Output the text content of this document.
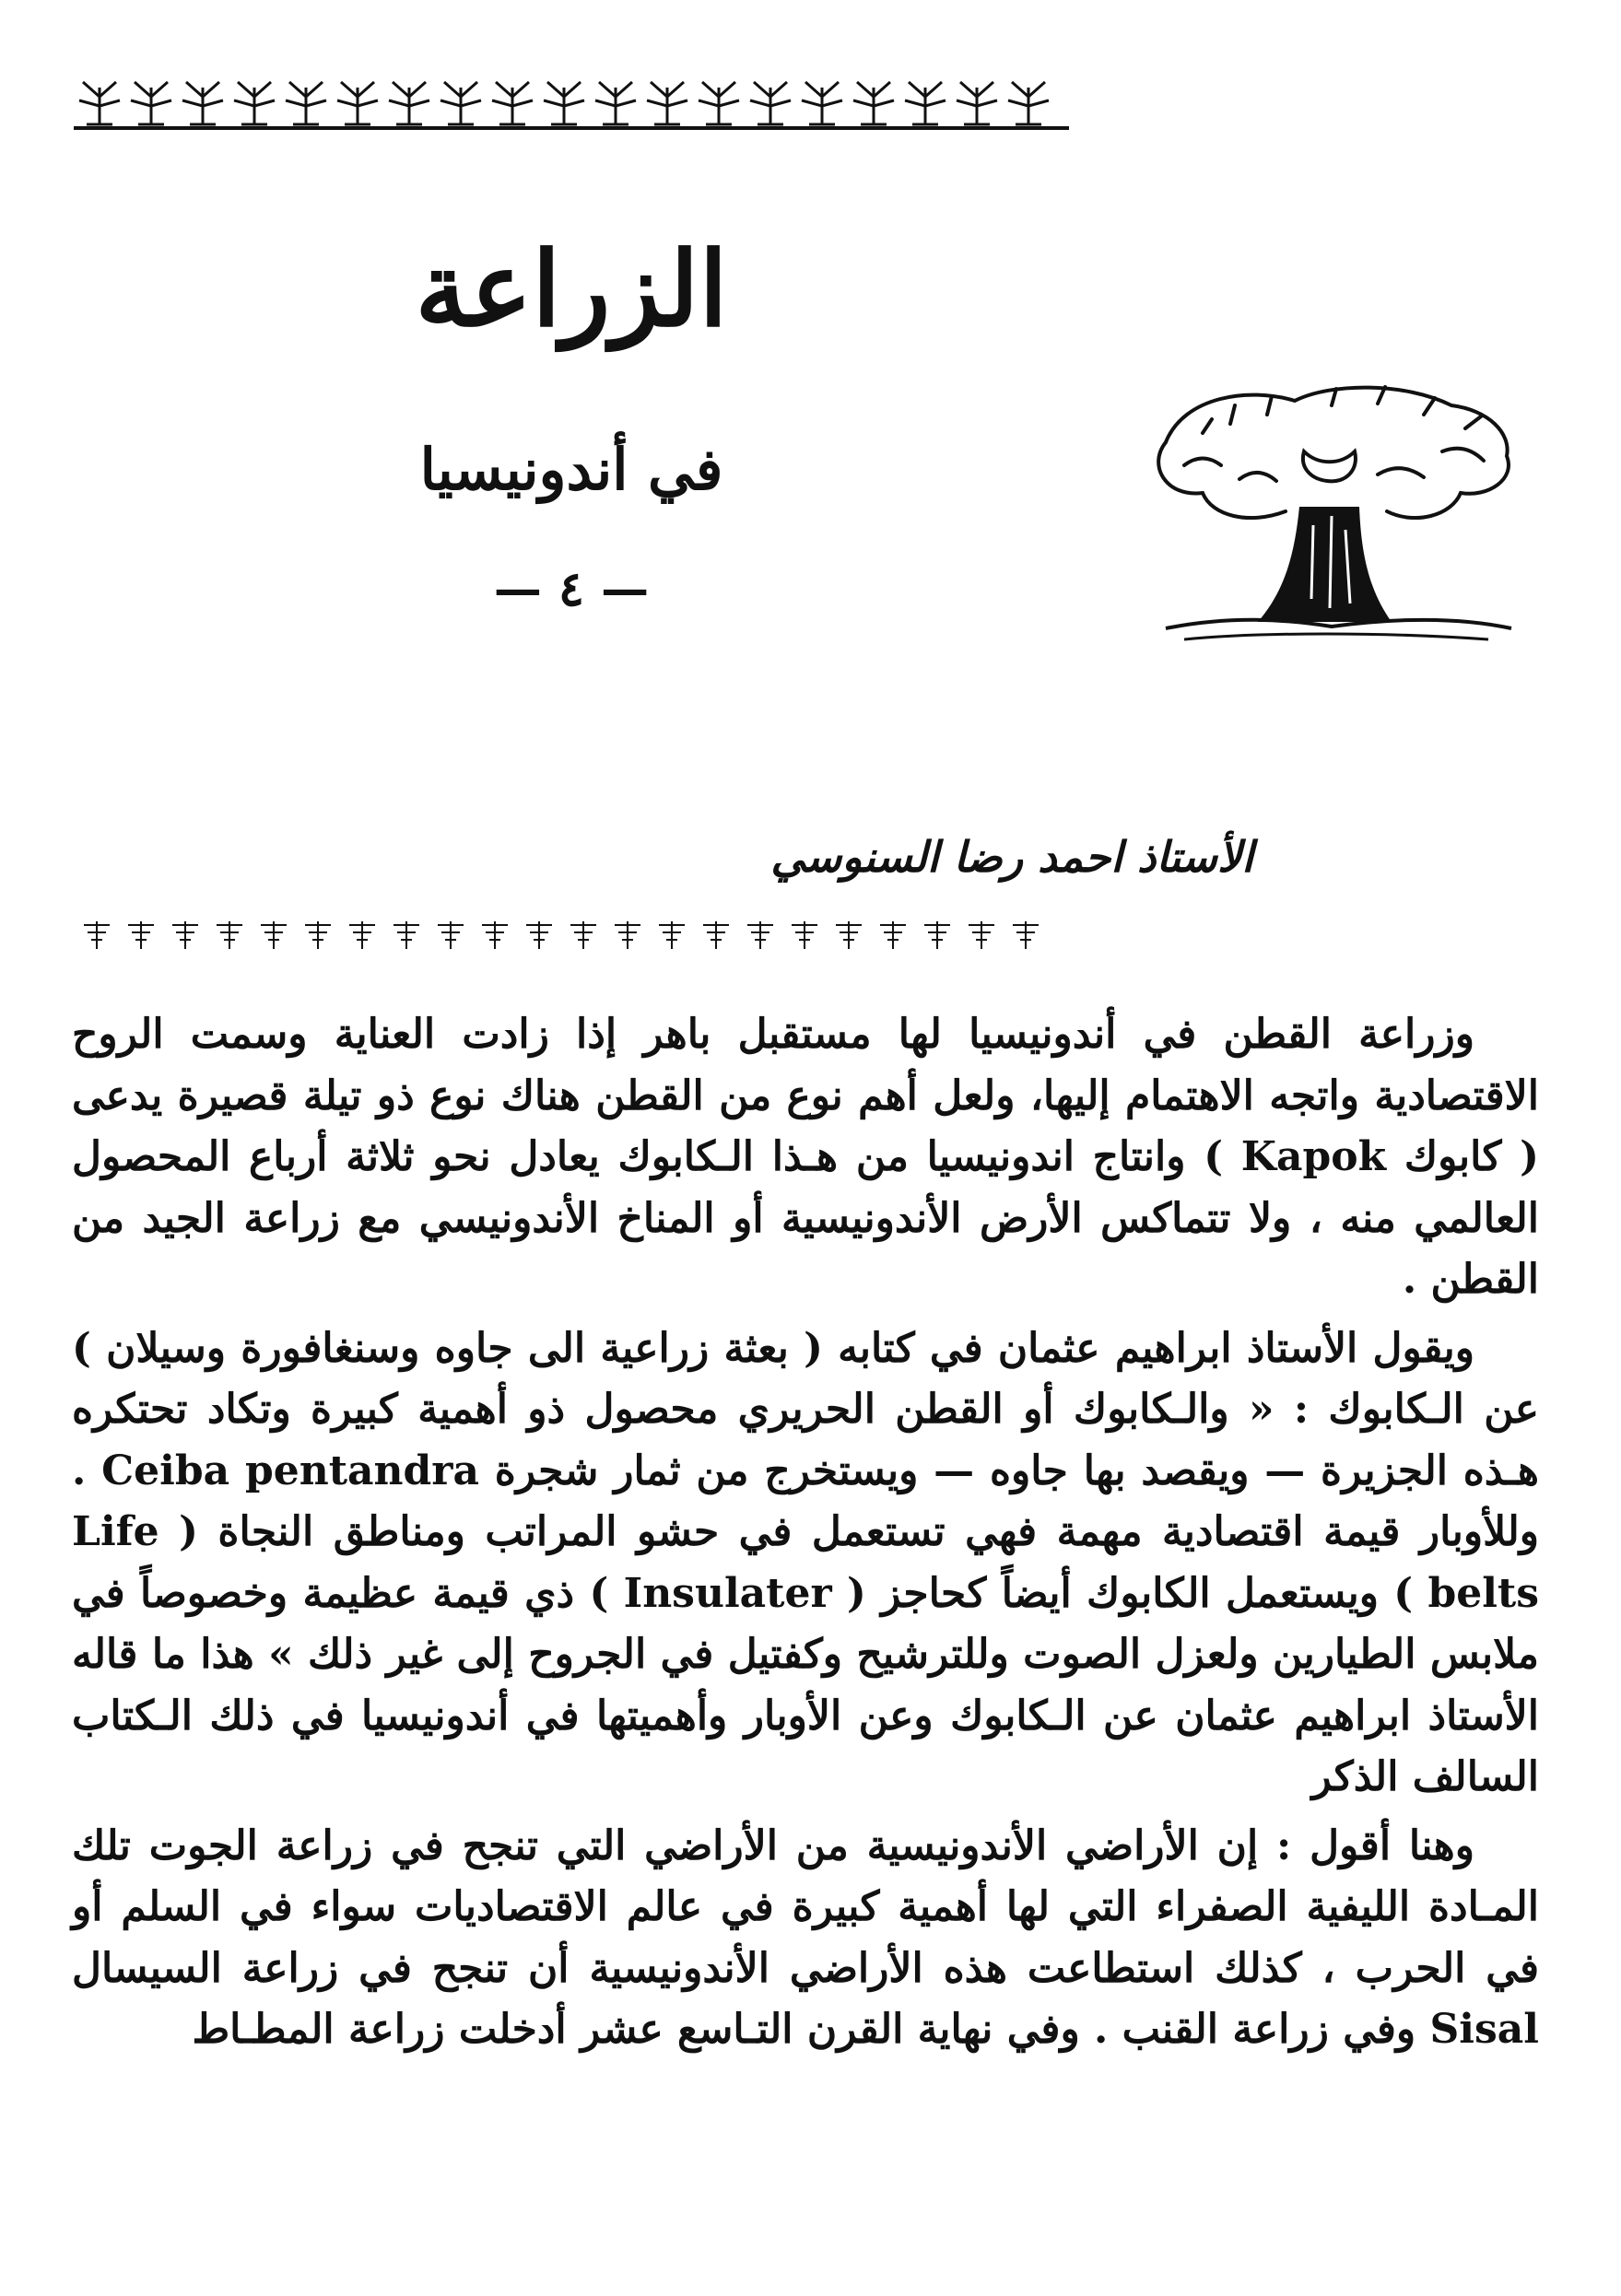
الزراعة
في أندونيسيا
— ٤ —
الأستاذ احمد رضا السنوسي

وزراعة القطن في أندونيسيا لها مستقبل باهر إذا زادت العناية وسمت الروح الاقتصادية واتجه الاهتمام إليها، ولعل أهم نوع من القطن هناك نوع ذو تيلة قصيرة يدعى ( كابوك Kapok ) وانتاج اندونيسيا من هـذا الـكابوك يعادل نحو ثلاثة أرباع المحصول العالمي منه ، ولا تتماكس الأرض الأندونيسية أو المناخ الأندونيسي مع زراعة الجيد من القطن .

ويقول الأستاذ ابراهيم عثمان في كتابه ( بعثة زراعية الى جاوه وسنغافورة وسيلان ) عن الـكابوك : « والـكابوك أو القطن الحريري محصول ذو أهمية كبيرة وتكاد تحتكره هـذه الجزيرة — ويقصد بها جاوه — ويستخرج من ثمار شجرة Ceiba pentandra . وللأوبار قيمة اقتصادية مهمة فهي تستعمل في حشو المراتب ومناطق النجاة ( Life belts ) ويستعمل الكابوك أيضاً كحاجز ( Insulater ) ذي قيمة عظيمة وخصوصاً في ملابس الطيارين ولعزل الصوت وللترشيح وكفتيل في الجروح إلى غير ذلك » هذا ما قاله الأستاذ ابراهيم عثمان عن الـكابوك وعن الأوبار وأهميتها في أندونيسيا في ذلك الـكتاب السالف الذكر

وهنا أقول : إن الأراضي الأندونيسية من الأراضي التي تنجح في زراعة الجوت تلك المـادة الليفية الصفراء التي لها أهمية كبيرة في عالم الاقتصاديات سواء في السلم أو في الحرب ، كذلك استطاعت هذه الأراضي الأندونيسية أن تنجح في زراعة السيسال Sisal وفي زراعة القنب . وفي نهاية القرن التـاسع عشر أدخلت زراعة المطـاط
